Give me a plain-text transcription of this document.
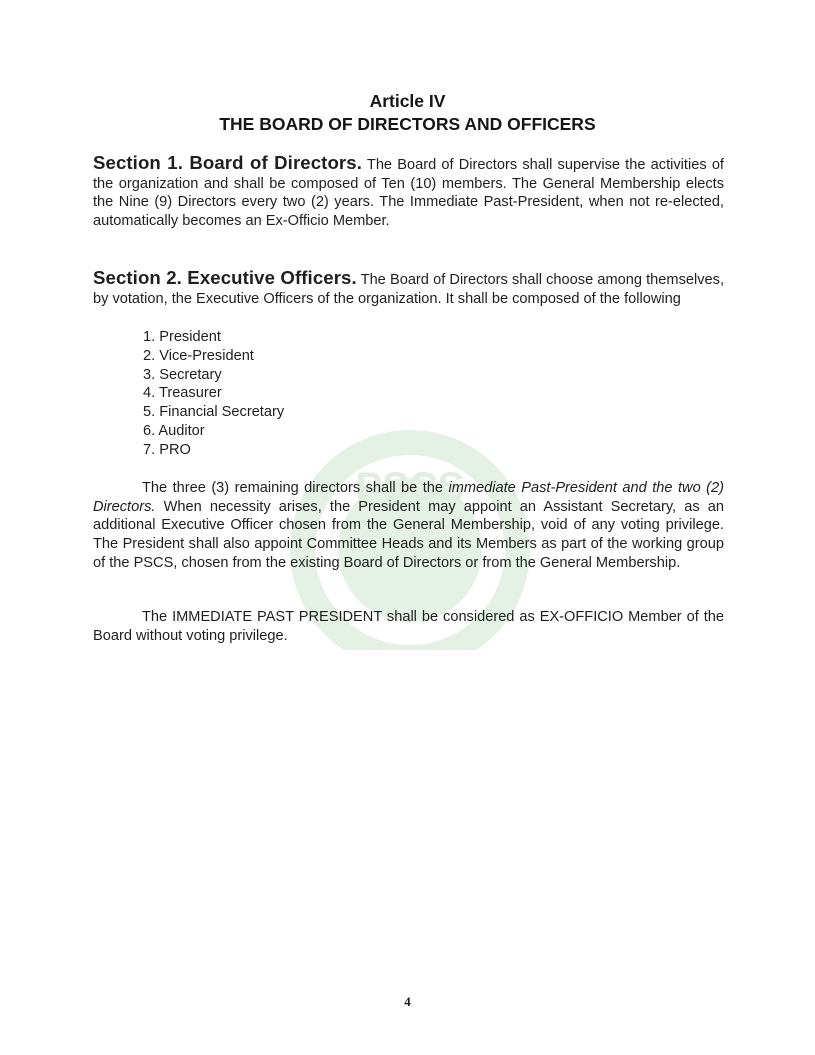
PSCS
Article IV
THE BOARD OF DIRECTORS AND OFFICERS
Section 1. Board of Directors. The Board of Directors shall supervise the activities of the organization and shall be composed of Ten (10) members. The General Membership elects the Nine (9) Directors every two (2) years. The Immediate Past-President, when not re-elected, automatically becomes an Ex-Officio Member.
Section 2. Executive Officers. The Board of Directors shall choose among themselves, by votation, the Executive Officers of the organization. It shall be composed of the following
1. President
2. Vice-President
3. Secretary
4. Treasurer
5. Financial Secretary
6. Auditor
7. PRO
The three (3) remaining directors shall be the immediate Past-President and the two (2) Directors. When necessity arises, the President may appoint an Assistant Secretary, as an additional Executive Officer chosen from the General Membership, void of any voting privilege. The President shall also appoint Committee Heads and its Members as part of the working group of the PSCS, chosen from the existing Board of Directors or from the General Membership.
The IMMEDIATE PAST PRESIDENT shall be considered as EX-OFFICIO Member of the Board without voting privilege.
4
